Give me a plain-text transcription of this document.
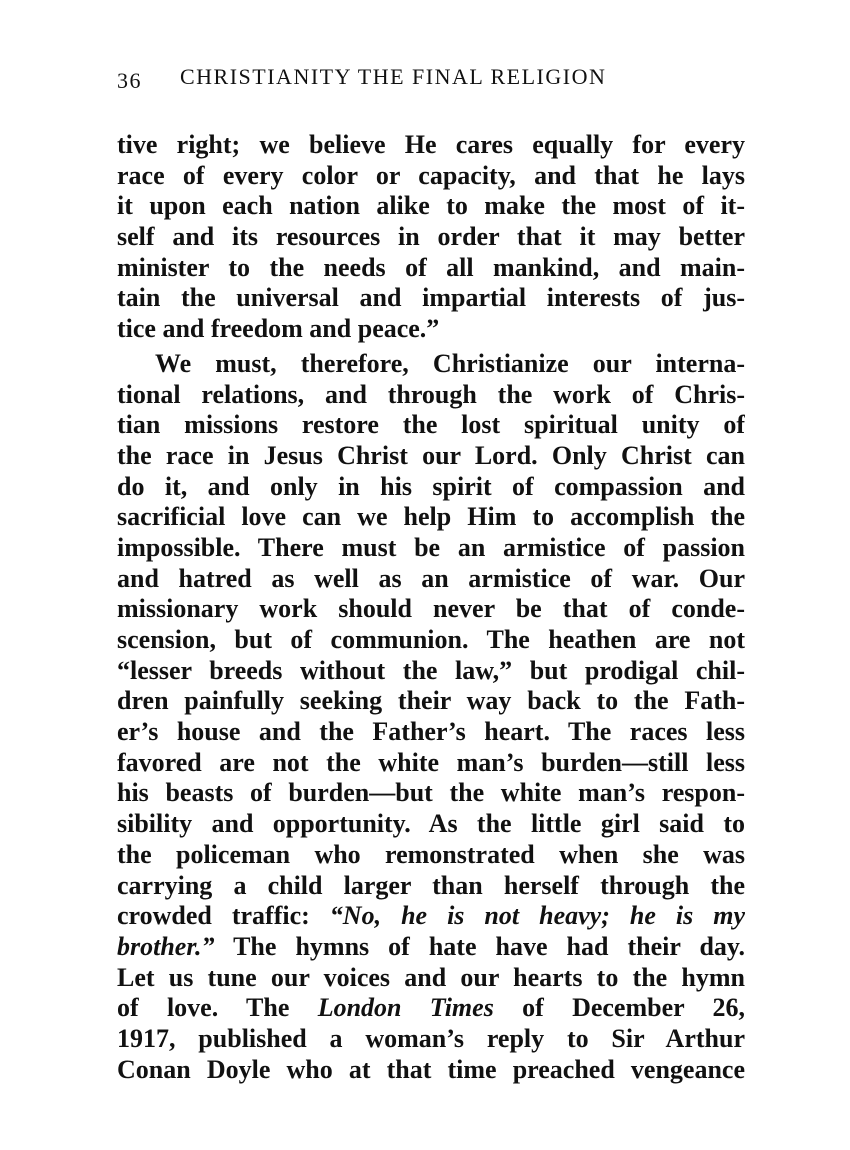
36 CHRISTIANITY THE FINAL RELIGION
tive right; we believe He cares equally for every
race of every color or capacity, and that he lays
it upon each nation alike to make the most of it-
self and its resources in order that it may better
minister to the needs of all mankind, and main-
tain the universal and impartial interests of jus-
tice and freedom and peace.”
We must, therefore, Christianize our interna-
tional relations, and through the work of Chris-
tian missions restore the lost spiritual unity of
the race in Jesus Christ our Lord. Only Christ can
do it, and only in his spirit of compassion and
sacrificial love can we help Him to accomplish the
impossible. There must be an armistice of passion
and hatred as well as an armistice of war. Our
missionary work should never be that of conde-
scension, but of communion. The heathen are not
“lesser breeds without the law,” but prodigal chil-
dren painfully seeking their way back to the Fath-
er’s house and the Father’s heart. The races less
favored are not the white man’s burden—still less
his beasts of burden—but the white man’s respon-
sibility and opportunity. As the little girl said to
the policeman who remonstrated when she was
carrying a child larger than herself through the
crowded traffic: “No, he is not heavy; he is my
brother.” The hymns of hate have had their day.
Let us tune our voices and our hearts to the hymn
of love. The London Times of December 26,
1917, published a woman’s reply to Sir Arthur
Conan Doyle who at that time preached vengeance
